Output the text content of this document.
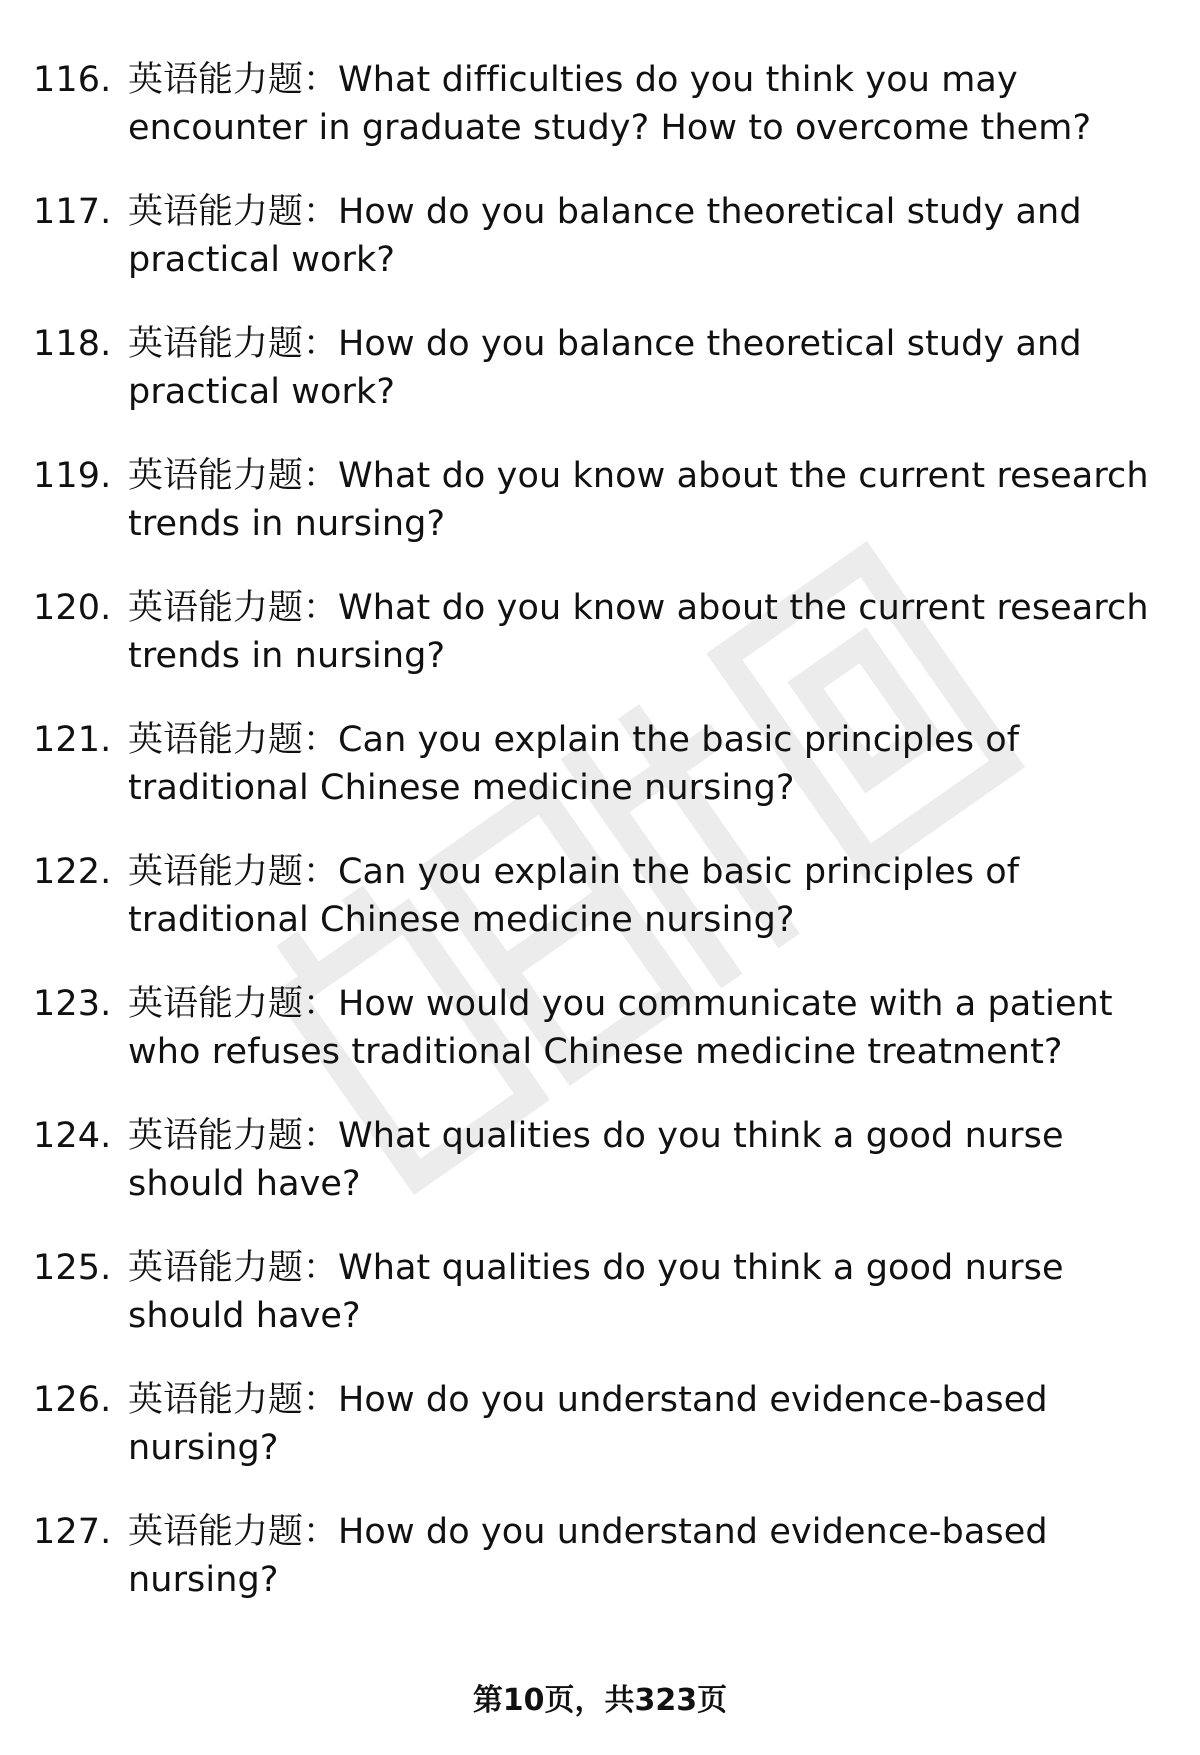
116. 英语能力题：What difficulties do you think you may encounter in graduate study? How to overcome them?
117. 英语能力题：How do you balance theoretical study and practical work?
118. 英语能力题：How do you balance theoretical study and practical work?
119. 英语能力题：What do you know about the current research trends in nursing?
120. 英语能力题：What do you know about the current research trends in nursing?
121. 英语能力题：Can you explain the basic principles of traditional Chinese medicine nursing?
122. 英语能力题：Can you explain the basic principles of traditional Chinese medicine nursing?
123. 英语能力题：How would you communicate with a patient who refuses traditional Chinese medicine treatment?
124. 英语能力题：What qualities do you think a good nurse should have?
125. 英语能力题：What qualities do you think a good nurse should have?
126. 英语能力题：How do you understand evidence-based nursing?
127. 英语能力题：How do you understand evidence-based nursing?
第10页，共323页
